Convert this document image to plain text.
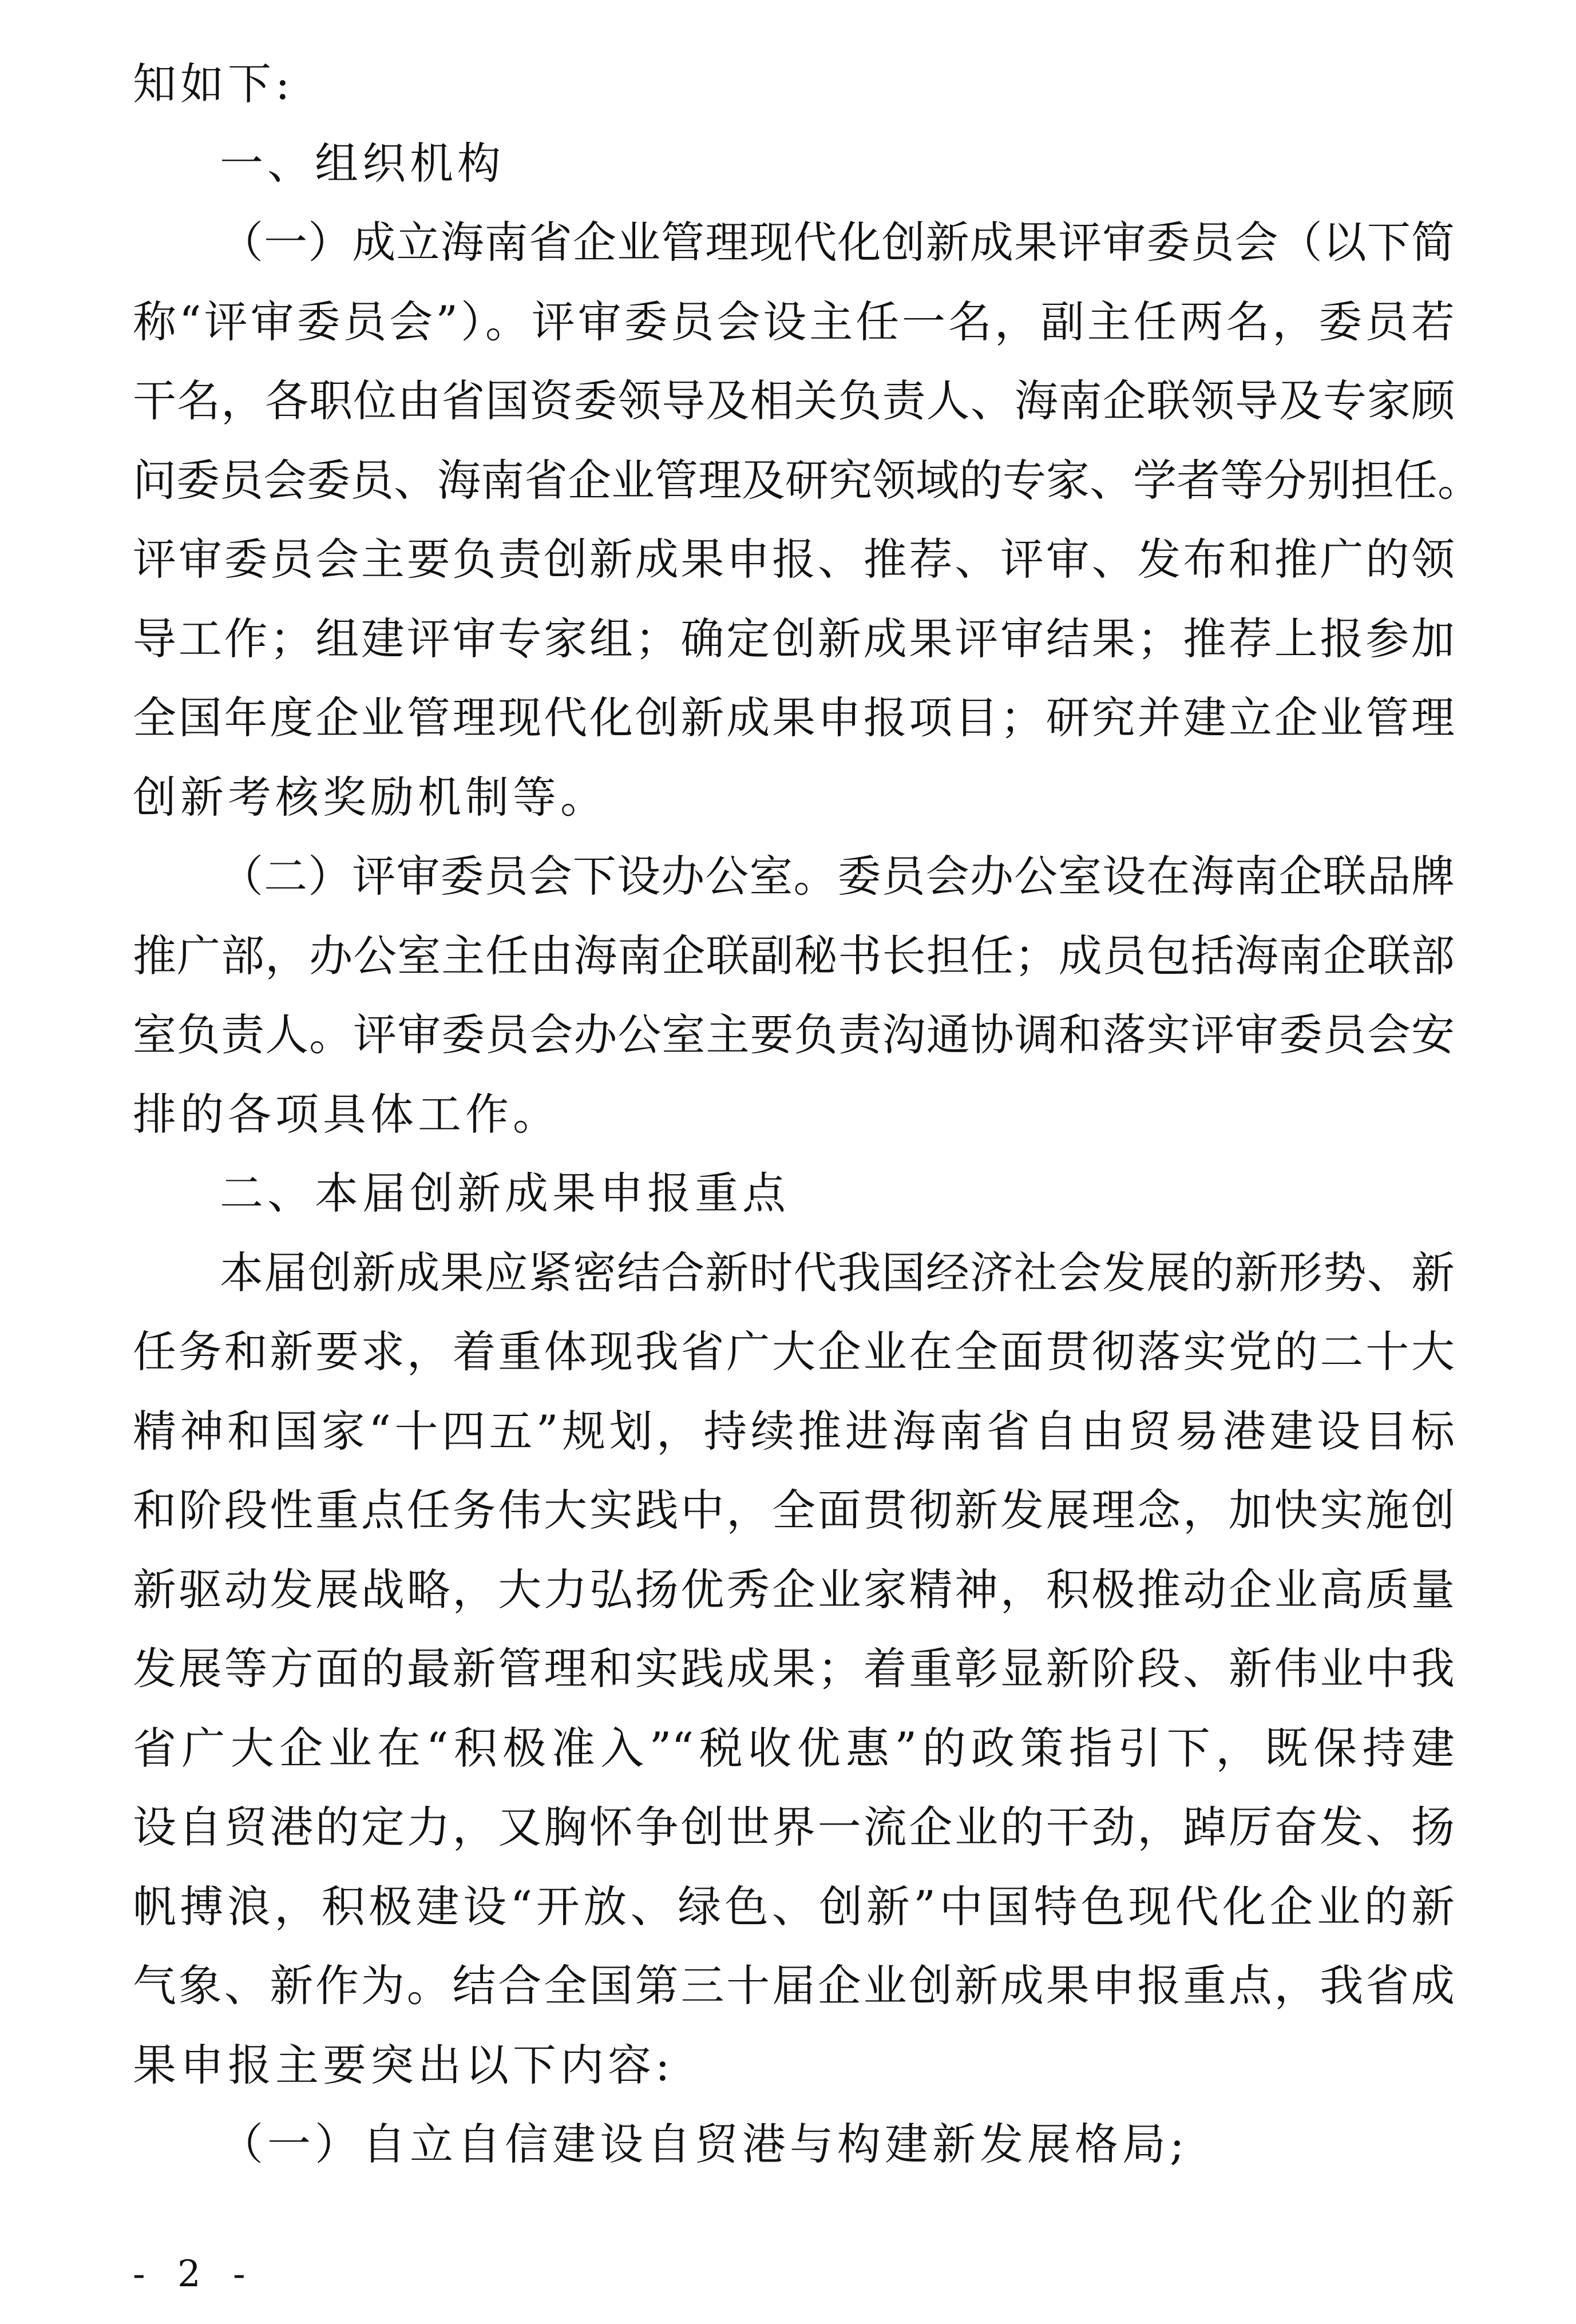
知如下:
一、组织机构
（一）成立海南省企业管理现代化创新成果评审委员会（以下简
称“评审委员会”）。评审委员会设主任一名，副主任两名，委员若
干名，各职位由省国资委领导及相关负责人、海南企联领导及专家顾
问委员会委员、海南省企业管理及研究领域的专家、学者等分别担任。
评审委员会主要负责创新成果申报、推荐、评审、发布和推广的领
导工作；组建评审专家组；确定创新成果评审结果；推荐上报参加
全国年度企业管理现代化创新成果申报项目；研究并建立企业管理
创新考核奖励机制等。
（二）评审委员会下设办公室。委员会办公室设在海南企联品牌
推广部，办公室主任由海南企联副秘书长担任；成员包括海南企联部
室负责人。评审委员会办公室主要负责沟通协调和落实评审委员会安
排的各项具体工作。
二、本届创新成果申报重点
本届创新成果应紧密结合新时代我国经济社会发展的新形势、新
任务和新要求，着重体现我省广大企业在全面贯彻落实党的二十大
精神和国家“十四五”规划，持续推进海南省自由贸易港建设目标
和阶段性重点任务伟大实践中，全面贯彻新发展理念，加快实施创
新驱动发展战略，大力弘扬优秀企业家精神，积极推动企业高质量
发展等方面的最新管理和实践成果；着重彰显新阶段、新伟业中我
省广大企业在“积极准入”“税收优惠”的政策指引下，既保持建
设自贸港的定力，又胸怀争创世界一流企业的干劲，踔厉奋发、扬
帆搏浪，积极建设“开放、绿色、创新”中国特色现代化企业的新
气象、新作为。结合全国第三十届企业创新成果申报重点，我省成
果申报主要突出以下内容:
（一）自立自信建设自贸港与构建新发展格局;
- 2 -
